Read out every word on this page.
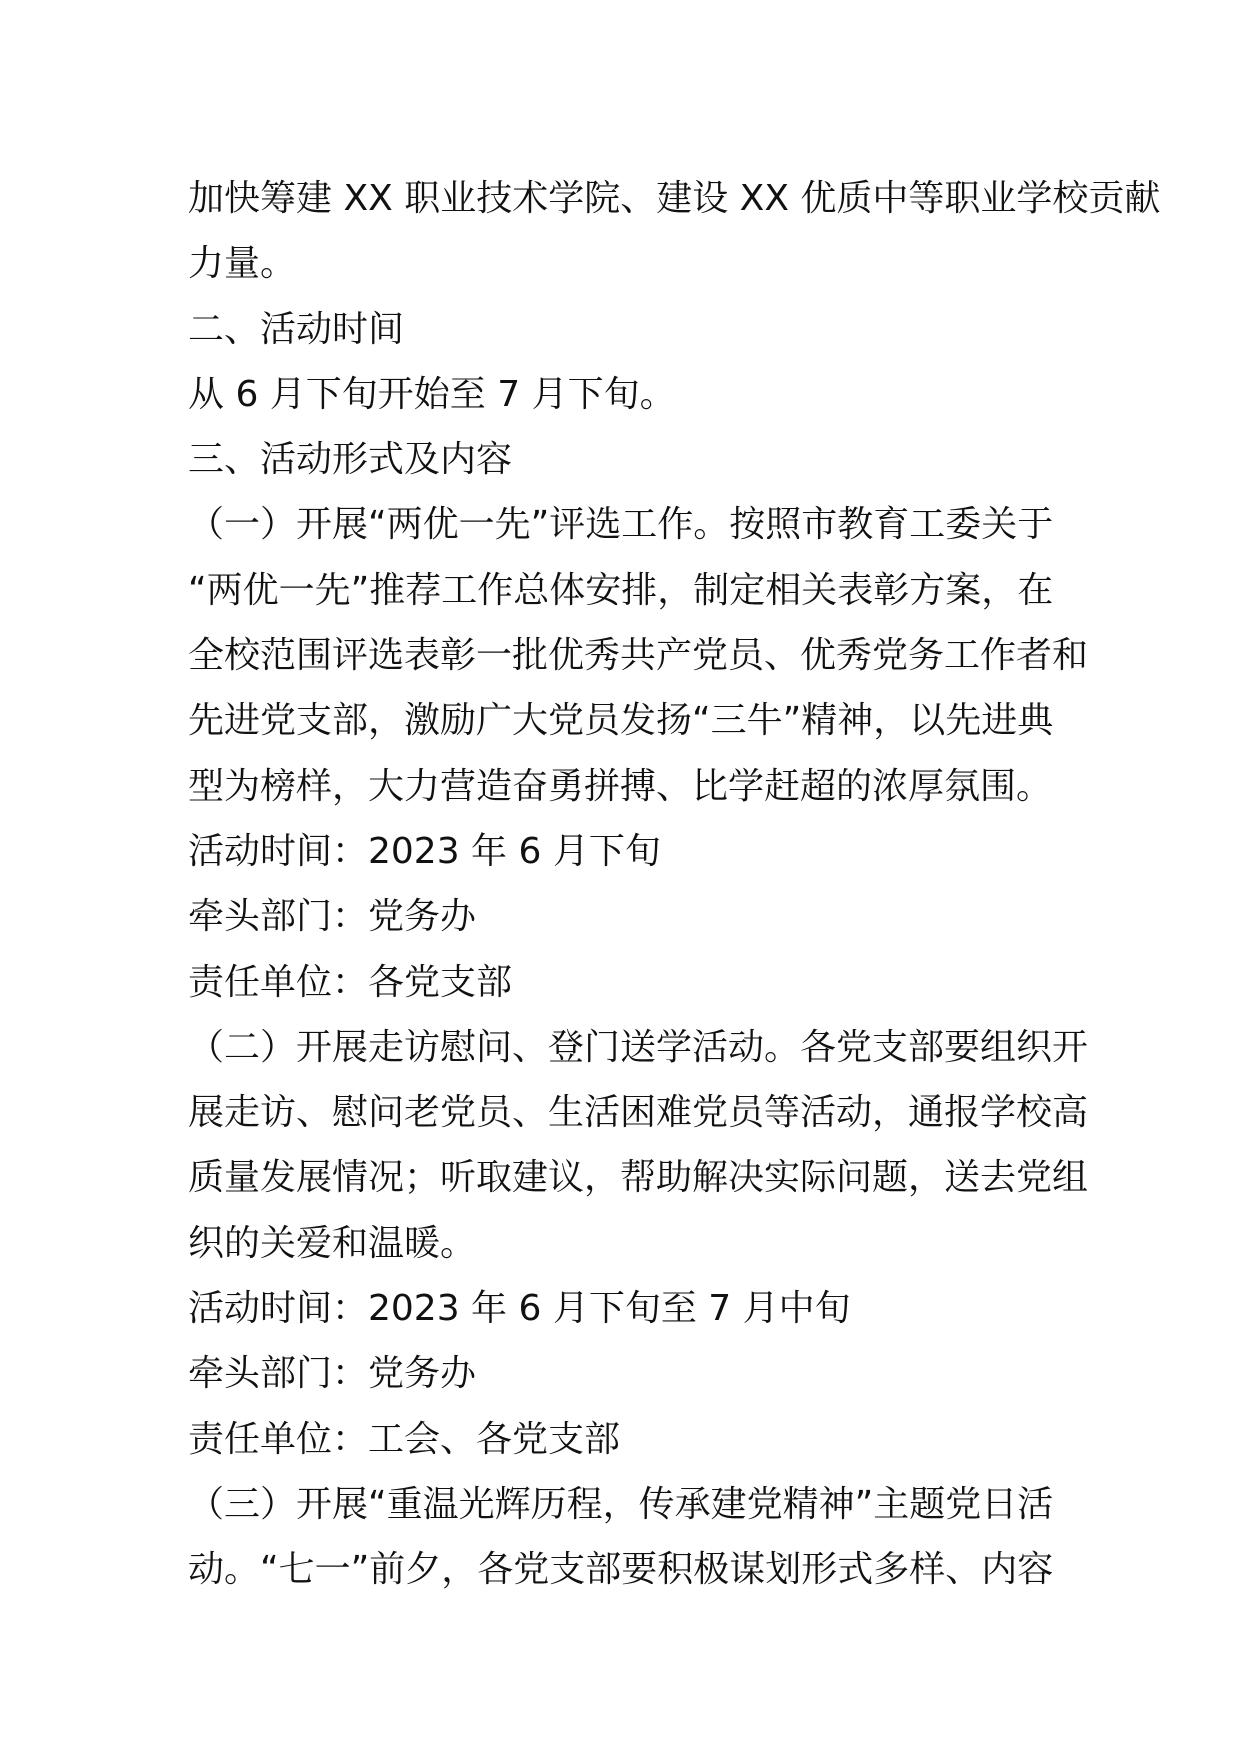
加快筹建 XX 职业技术学院、建设 XX 优质中等职业学校贡献
力量。
二、活动时间
从 6 月下旬开始至 7 月下旬。
三、活动形式及内容
（一）开展“两优一先”评选工作。按照市教育工委关于
“两优一先”推荐工作总体安排，制定相关表彰方案，在
全校范围评选表彰一批优秀共产党员、优秀党务工作者和
先进党支部，激励广大党员发扬“三牛”精神，以先进典
型为榜样，大力营造奋勇拼搏、比学赶超的浓厚氛围。
活动时间：2023 年 6 月下旬
牵头部门：党务办
责任单位：各党支部
（二）开展走访慰问、登门送学活动。各党支部要组织开
展走访、慰问老党员、生活困难党员等活动，通报学校高
质量发展情况；听取建议，帮助解决实际问题，送去党组
织的关爱和温暖。
活动时间：2023 年 6 月下旬至 7 月中旬
牵头部门：党务办
责任单位：工会、各党支部
（三）开展“重温光辉历程，传承建党精神”主题党日活
动。“七一”前夕，各党支部要积极谋划形式多样、内容
